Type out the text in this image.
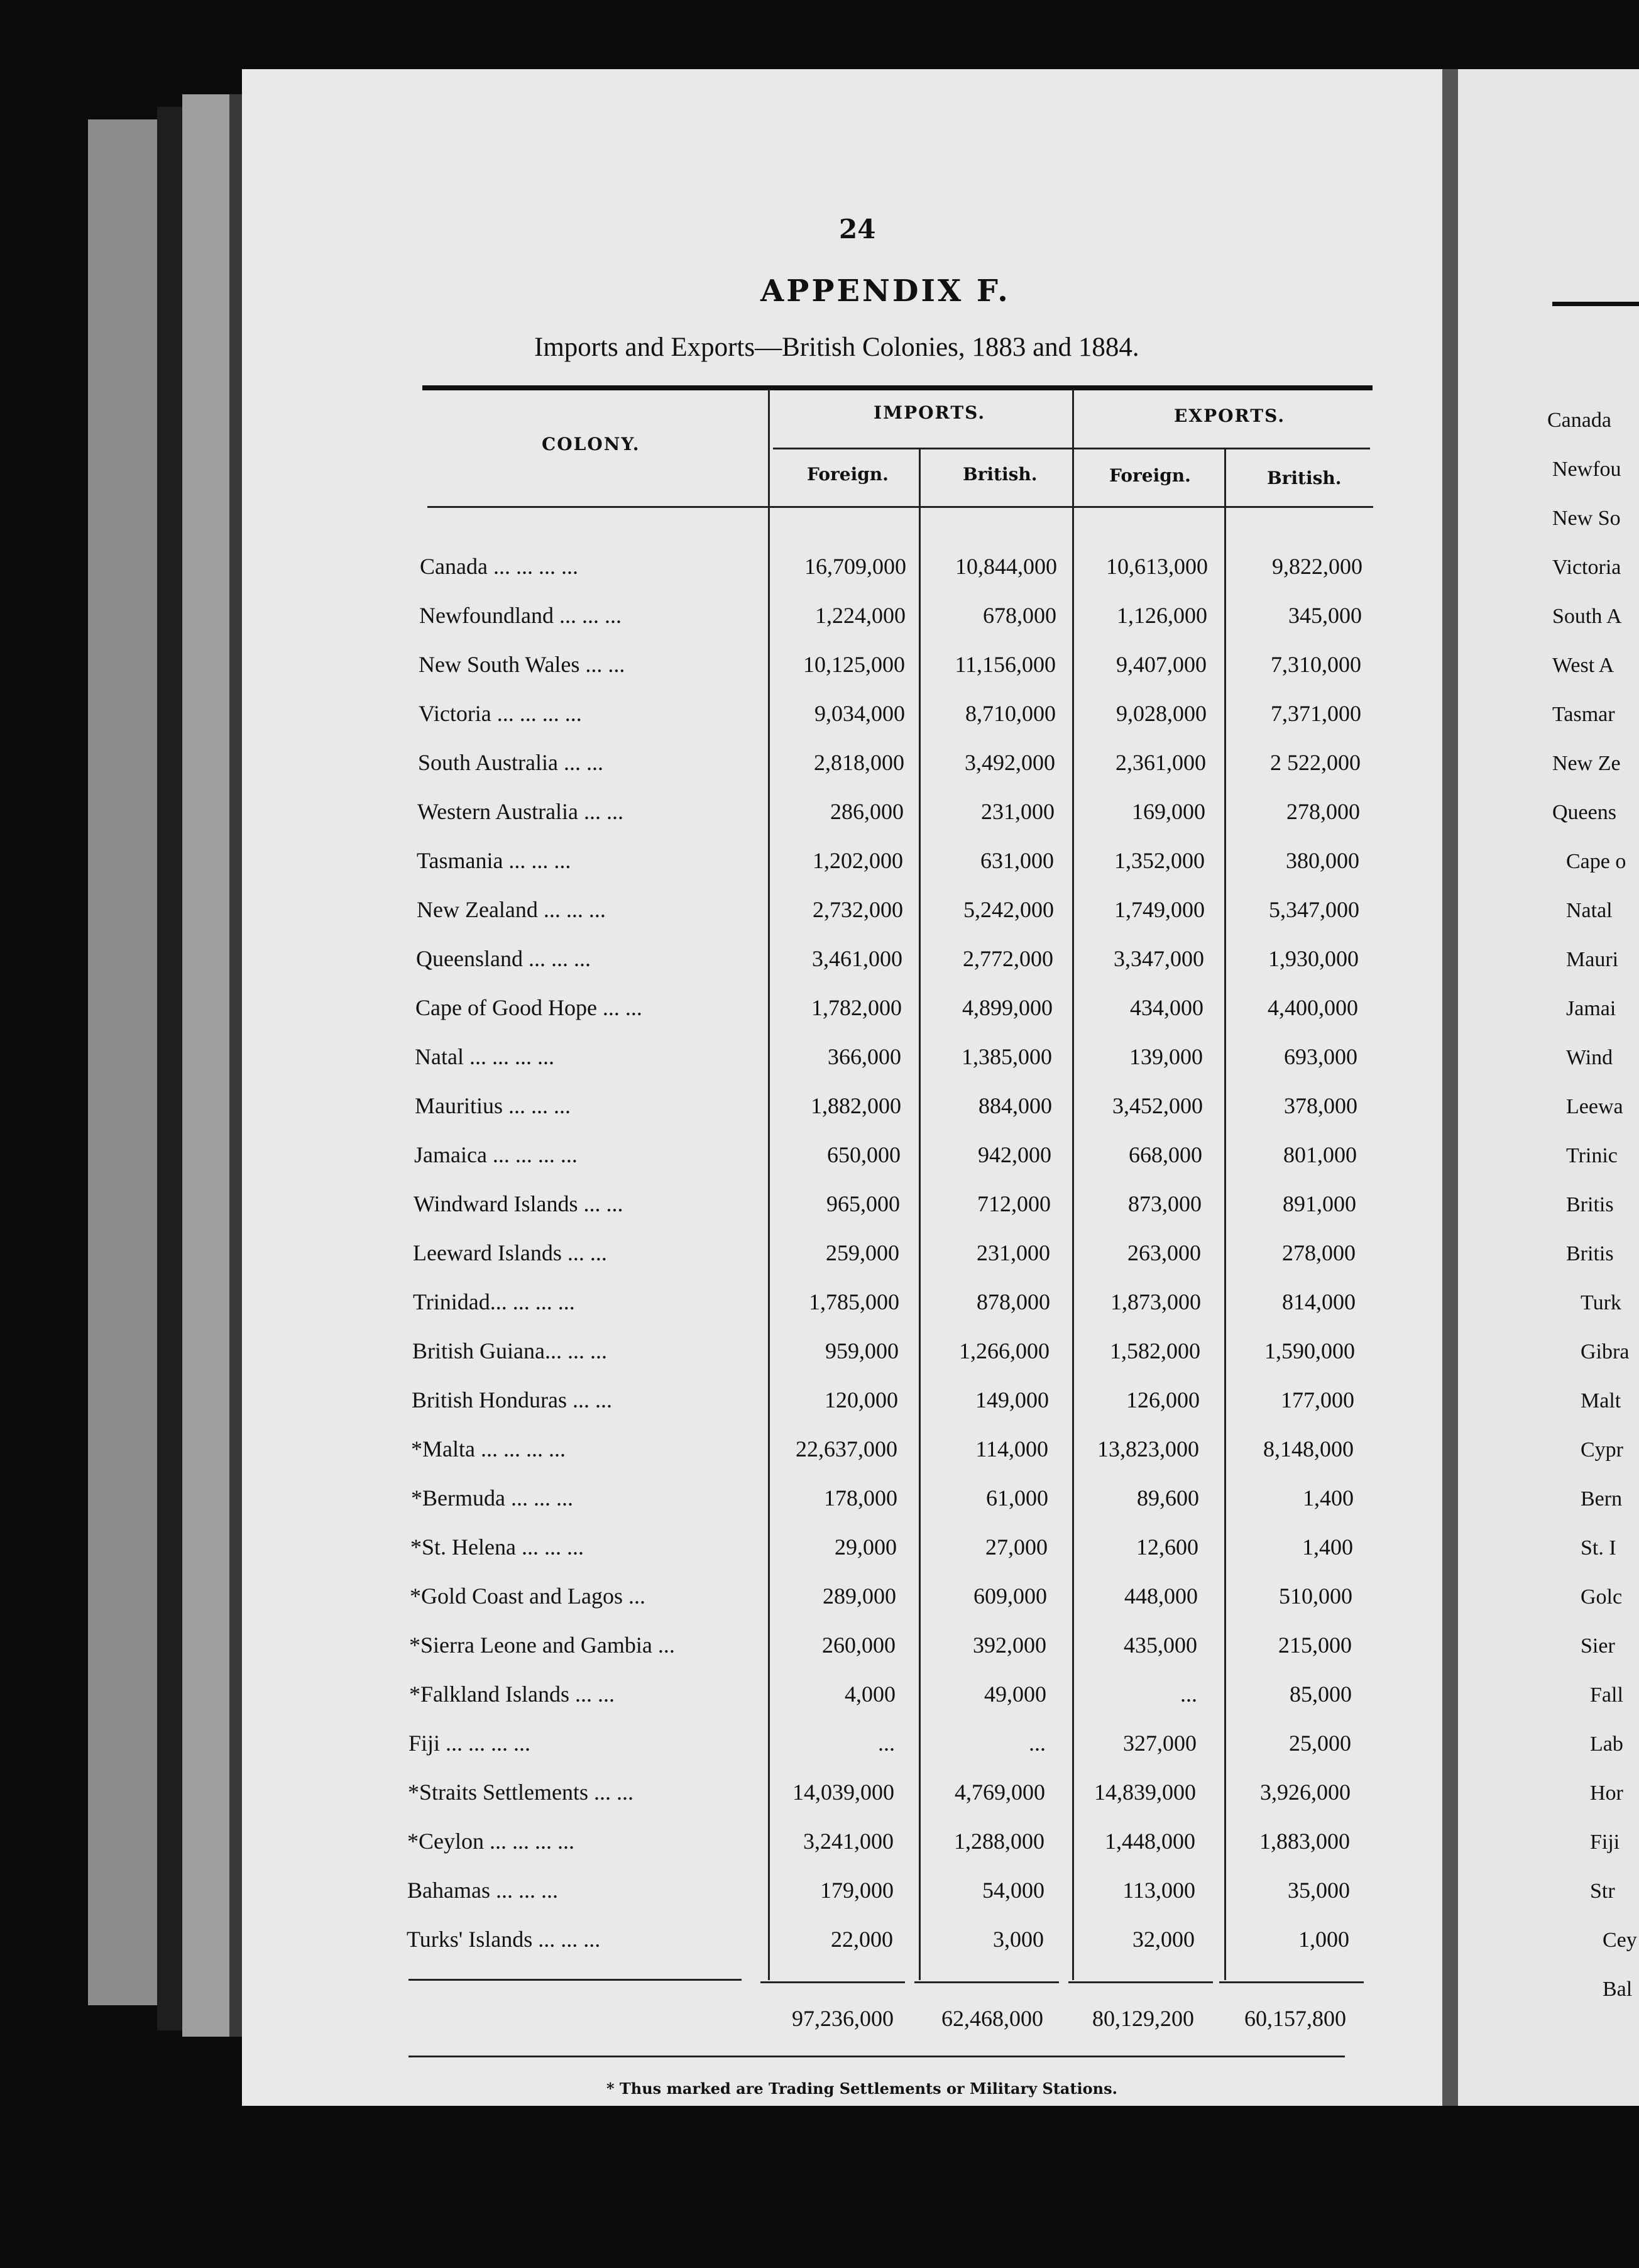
Canada
Newfou
New So
Victoria
South A
West A
Tasmar
New Ze
Queens
Cape o
Natal
Mauri
Jamai
Wind
Leewa
Trinic
Britis
Britis
Turk
Gibra
Malt
Cypr
Bern
St. I
Golc
Sier
Fall
Lab
Hor
Fiji
Str
Cey
Bal
24
APPENDIX F.
Imports and Exports—British Colonies, 1883 and 1884.
COLONY.
IMPORTS.	EXPORTS.
Foreign.	British.	Foreign.	British.
Canada ... ... ... ...	16,709,000	10,844,000	10,613,000	9,822,000
Newfoundland ... ... ...	1,224,000	678,000	1,126,000	345,000
New South Wales ... ...	10,125,000	11,156,000	9,407,000	7,310,000
Victoria ... ... ... ...	9,034,000	8,710,000	9,028,000	7,371,000
South Australia ... ...	2,818,000	3,492,000	2,361,000	2 522,000
Western Australia ... ...	286,000	231,000	169,000	278,000
Tasmania ... ... ...	1,202,000	631,000	1,352,000	380,000
New Zealand ... ... ...	2,732,000	5,242,000	1,749,000	5,347,000
Queensland ... ... ...	3,461,000	2,772,000	3,347,000	1,930,000
Cape of Good Hope ... ...	1,782,000	4,899,000	434,000	4,400,000
Natal ... ... ... ...	366,000	1,385,000	139,000	693,000
Mauritius ... ... ...	1,882,000	884,000	3,452,000	378,000
Jamaica ... ... ... ...	650,000	942,000	668,000	801,000
Windward Islands ... ...	965,000	712,000	873,000	891,000
Leeward Islands ... ...	259,000	231,000	263,000	278,000
Trinidad... ... ... ...	1,785,000	878,000	1,873,000	814,000
British Guiana... ... ...	959,000	1,266,000	1,582,000	1,590,000
British Honduras ... ...	120,000	149,000	126,000	177,000
*Malta ... ... ... ...	22,637,000	114,000	13,823,000	8,148,000
*Bermuda ... ... ...	178,000	61,000	89,600	1,400
*St. Helena ... ... ...	29,000	27,000	12,600	1,400
*Gold Coast and Lagos ...	289,000	609,000	448,000	510,000
*Sierra Leone and Gambia ...	260,000	392,000	435,000	215,000
*Falkland Islands ... ...	4,000	49,000	...	85,000
Fiji ... ... ... ...	...	...	327,000	25,000
*Straits Settlements ... ...	14,039,000	4,769,000	14,839,000	3,926,000
*Ceylon ... ... ... ...	3,241,000	1,288,000	1,448,000	1,883,000
Bahamas ... ... ...	179,000	54,000	113,000	35,000
Turks' Islands ... ... ...	22,000	3,000	32,000	1,000
97,236,000	62,468,000	80,129,200	60,157,800
* Thus marked are Trading Settlements or Military Stations.
